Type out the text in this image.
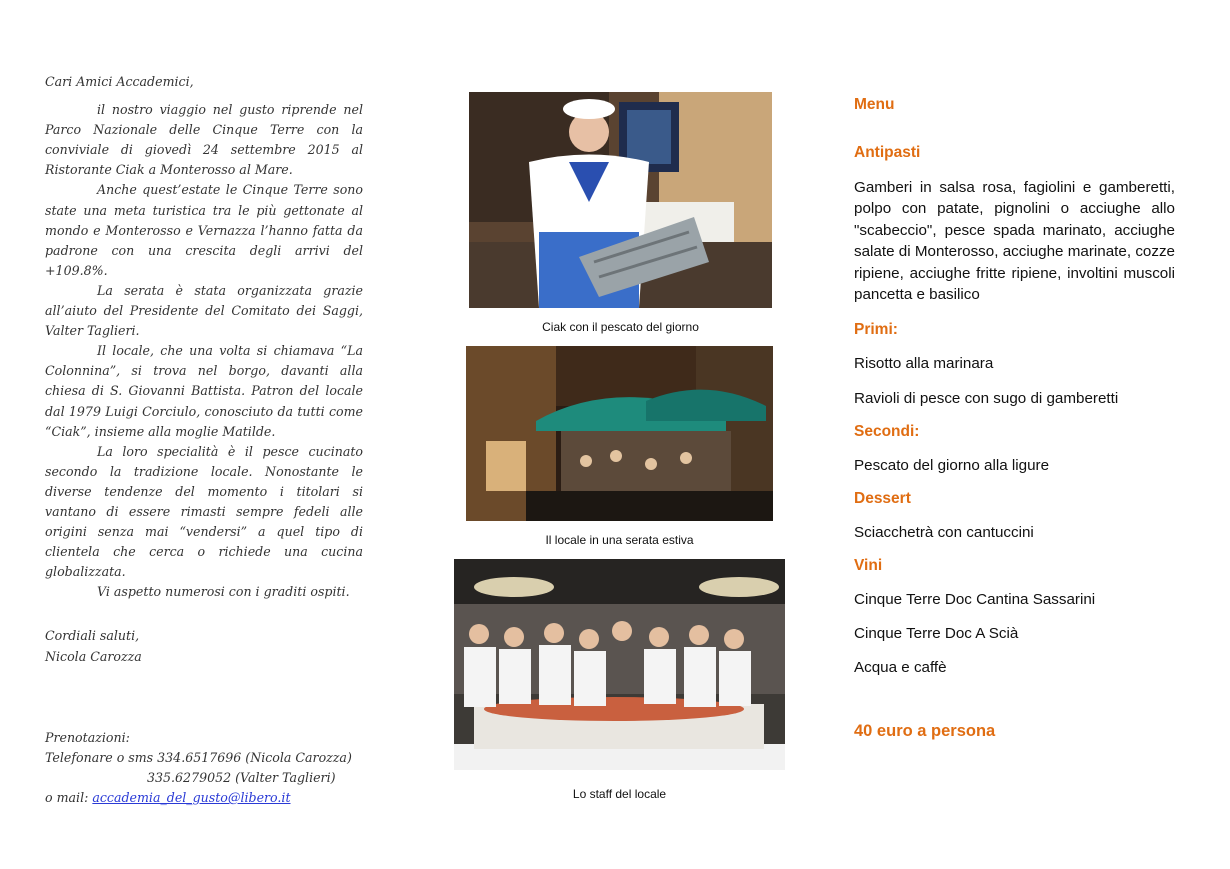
Cari Amici Accademici,

il nostro viaggio nel gusto riprende nel Parco Nazionale delle Cinque Terre con la conviviale di giovedì 24 settembre 2015 al Ristorante Ciak a Monterosso al Mare.

Anche quest’estate le Cinque Terre sono state una meta turistica tra le più gettonate al mondo e Monterosso e Vernazza l’hanno fatta da padrone con una crescita degli arrivi del +109.8%.

La serata è stata organizzata grazie all’aiuto del Presidente del Comitato dei Saggi, Valter Taglieri.

Il locale, che una volta si chiamava “La Colonnina”, si trova nel borgo, davanti alla chiesa di S. Giovanni Battista. Patron del locale dal 1979 Luigi Corciulo, conosciuto da tutti come “Ciak”, insieme alla moglie Matilde.

La loro specialità è il pesce cucinato secondo la tradizione locale. Nonostante le diverse tendenze del momento i titolari si vantano di essere rimasti sempre fedeli alle origini senza mai “vendersi” a quel tipo di clientela che cerca o richiede una cucina globalizzata.

Vi aspetto numerosi con i graditi ospiti.

Cordiali saluti,

Nicola Carozza

Prenotazioni:
Telefonare o sms 334.6517696 (Nicola Carozza)
335.6279052 (Valter Taglieri)
o mail: accademia_del_gusto@libero.it
Ciak con il pescato del giorno
Il locale in una serata estiva
Lo staff del locale
Menu
Antipasti
Gamberi in salsa rosa, fagiolini e gamberetti, polpo con patate, pignolini o acciughe allo "scabeccio", pesce spada marinato, acciughe salate di Monterosso, acciughe marinate, cozze ripiene, acciughe fritte ripiene, involtini muscoli pancetta e basilico
Primi:
Risotto alla marinara
Ravioli di pesce con sugo di gamberetti
Secondi:
Pescato del giorno alla ligure
Dessert
Sciacchetrà con cantuccini
Vini
Cinque Terre Doc Cantina Sassarini
Cinque Terre Doc A Scià
Acqua e caffè
40 euro a persona
